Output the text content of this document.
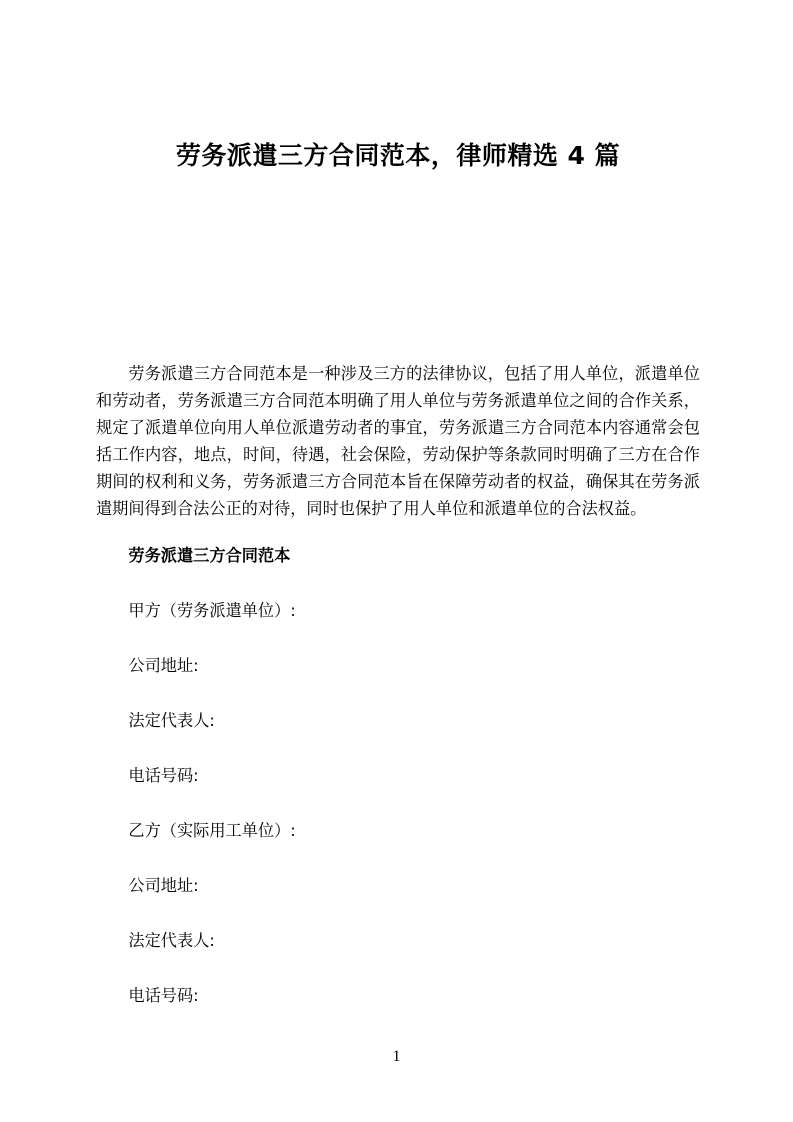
劳务派遣三方合同范本，律师精选 4 篇

劳务派遣三方合同范本是一种涉及三方的法律协议，包括了用人单位，派遣单位和劳动者，劳务派遣三方合同范本明确了用人单位与劳务派遣单位之间的合作关系，规定了派遣单位向用人单位派遣劳动者的事宜，劳务派遣三方合同范本内容通常会包括工作内容，地点，时间，待遇，社会保险，劳动保护等条款同时明确了三方在合作期间的权利和义务，劳务派遣三方合同范本旨在保障劳动者的权益，确保其在劳务派遣期间得到合法公正的对待，同时也保护了用人单位和派遣单位的合法权益。

劳务派遣三方合同范本

甲方（劳务派遣单位）:

公司地址:

法定代表人:

电话号码:

乙方（实际用工单位）:

公司地址:

法定代表人:

电话号码:

1
